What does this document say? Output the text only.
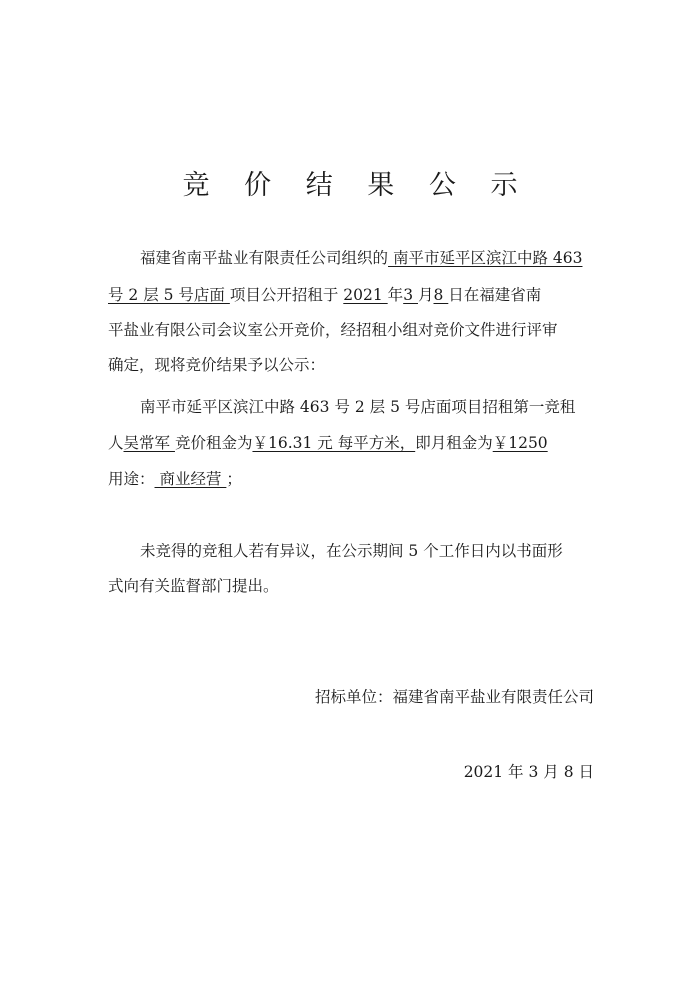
竞 价 结 果 公 示
福建省南平盐业有限责任公司组织的 南平市延平区滨江中路 463
号 2 层 5 号店面 项目公开招租于 2021 年3 月8 日在福建省南
平盐业有限公司会议室公开竞价，经招租小组对竞价文件进行评审
确定，现将竞价结果予以公示：
南平市延平区滨江中路 463 号 2 层 5 号店面项目招租第一竞租
人吴常军 竞价租金为￥16.31 元 每平方米，即月租金为￥1250
用途： 商业经营 ；
未竞得的竞租人若有异议，在公示期间 5 个工作日内以书面形
式向有关监督部门提出。
招标单位：福建省南平盐业有限责任公司
2021 年 3 月 8 日
